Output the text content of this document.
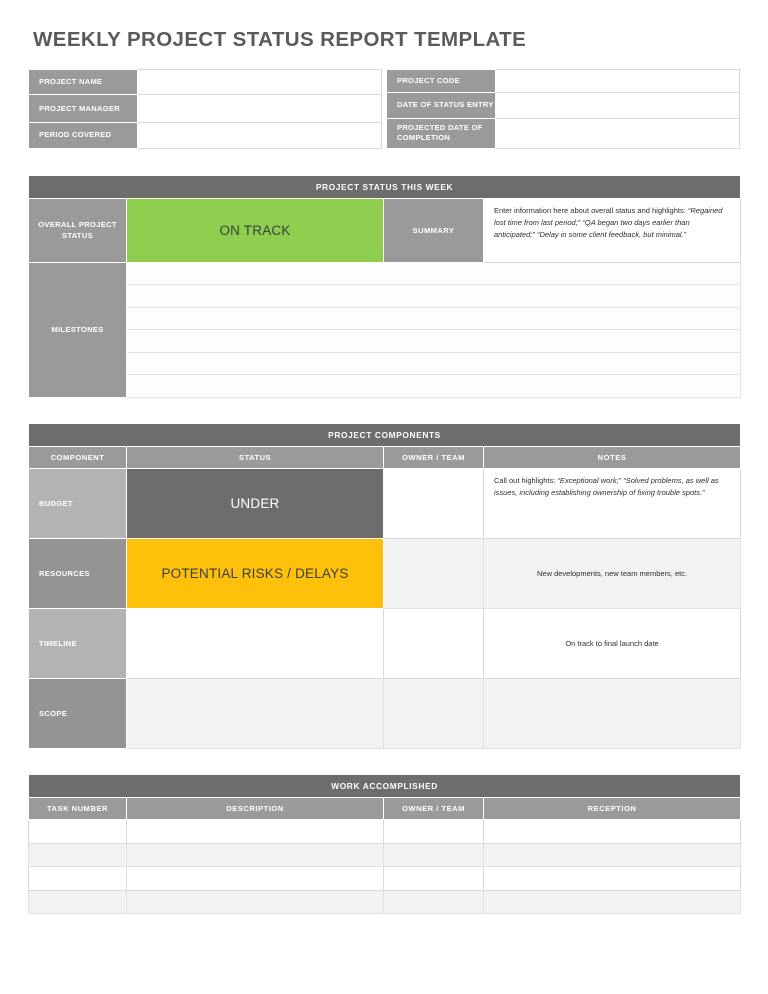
WEEKLY PROJECT STATUS REPORT TEMPLATE
PROJECT NAME	
PROJECT MANAGER	
PERIOD COVERED	
PROJECT CODE	
DATE OF STATUS ENTRY	
PROJECTED DATE OF COMPLETION	
PROJECT STATUS THIS WEEK			
OVERALL PROJECT STATUS	ON TRACK	SUMMARY	Enter information here about overall status and highlights: “Regained lost time from last period;” “QA began two days earlier than anticipated;” “Delay in some client feedback, but minimal.”
MILESTONES			

PROJECT COMPONENTS			
COMPONENT	STATUS	OWNER / TEAM	NOTES
BUDGET	UNDER		Call out highlights: “Exceptional work;” “Solved problems, as well as issues, including establishing ownership of fixing trouble spots.”
RESOURCES	POTENTIAL RISKS / DELAYS		New developments, new team members, etc.
TIMELINE			On track to final launch date
SCOPE			
WORK ACCOMPLISHED			
TASK NUMBER	DESCRIPTION	OWNER / TEAM	RECEPTION
